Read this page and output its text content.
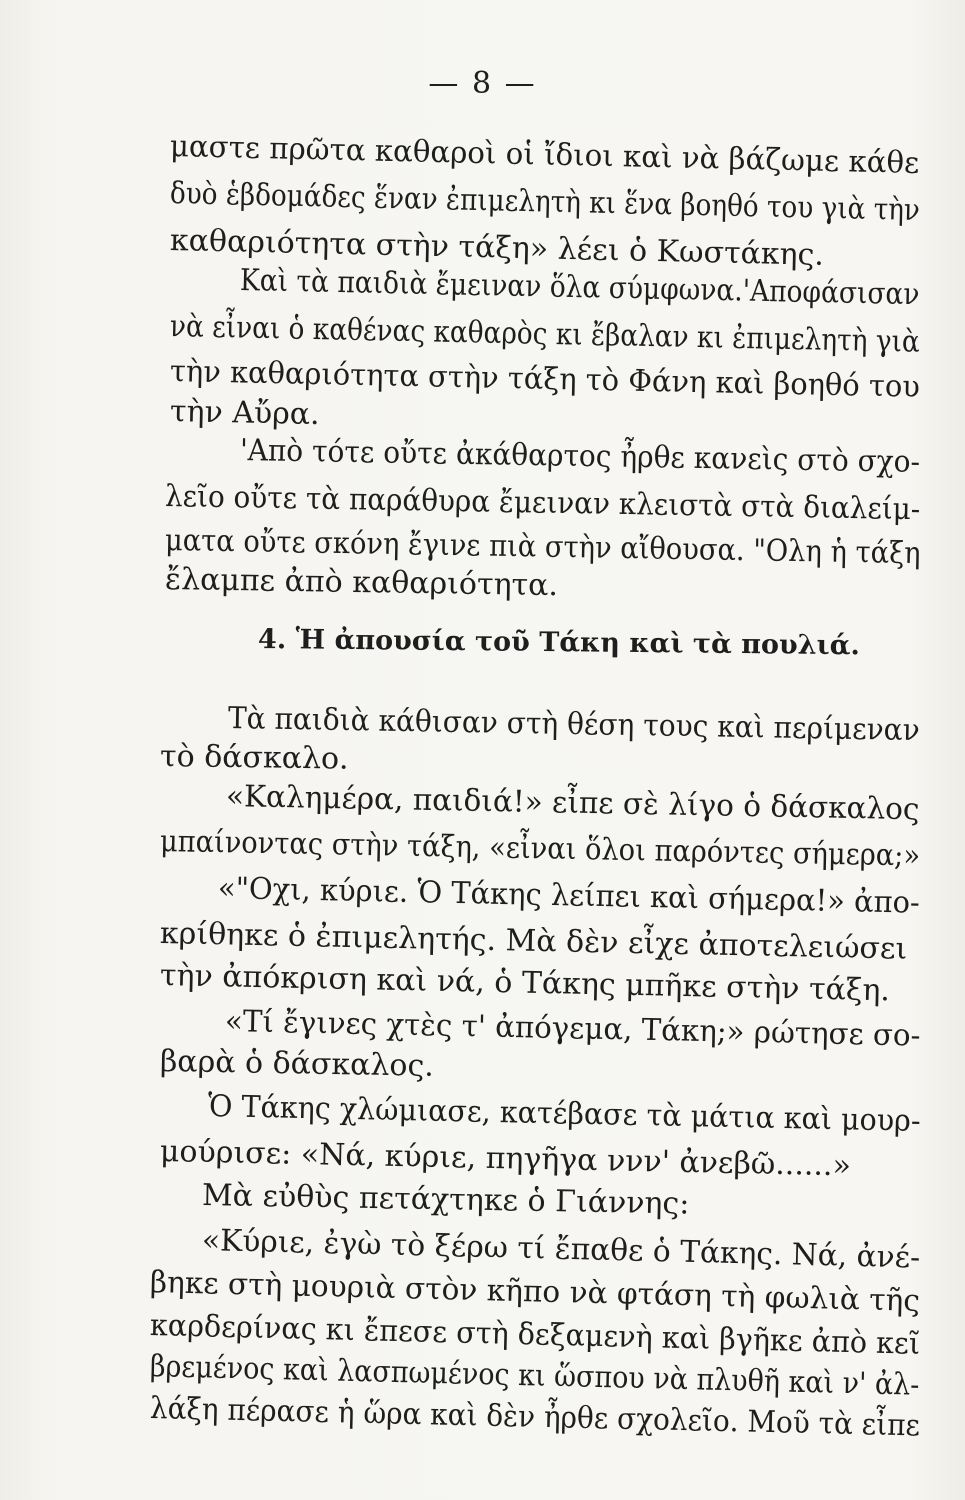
— 8 —
μαστε πρῶτα καθαροὶ οἱ ἴδιοι καὶ νὰ βάζωμε κάθε
δυὸ ἑβδομάδες ἕναν ἐπιμελητὴ κι ἕνα βοηθό του γιὰ τὴν
καθαριότητα στὴν τάξη» λέει ὁ Κωστάκης.
Καὶ τὰ παιδιὰ ἔμειναν ὅλα σύμφωνα.'Αποφάσισαν
νὰ εἶναι ὁ καθένας καθαρὸς κι ἔβαλαν κι ἐπιμελητὴ γιὰ
τὴν καθαριότητα στὴν τάξη τὸ Φάνη καὶ βοηθό του
τὴν Αὔρα.
'Απὸ τότε οὔτε ἀκάθαρτος ἦρθε κανεὶς στὸ σχο-
λεῖο οὔτε τὰ παράθυρα ἔμειναν κλειστὰ στὰ διαλείμ-
ματα οὔτε σκόνη ἔγινε πιὰ στὴν αἴθουσα. "Ολη ἡ τάξη
ἔλαμπε ἀπὸ καθαριότητα.
4. Ἡ ἀπουσία τοῦ Τάκη καὶ τὰ πουλιά.
Τὰ παιδιὰ κάθισαν στὴ θέση τους καὶ περίμεναν
τὸ δάσκαλο.
«Καλημέρα, παιδιά!» εἶπε σὲ λίγο ὁ δάσκαλος
μπαίνοντας στὴν τάξη, «εἶναι ὅλοι παρόντες σήμερα;»
«"Οχι, κύριε. Ὁ Τάκης λείπει καὶ σήμερα!» ἀπο-
κρίθηκε ὁ ἐπιμελητής. Μὰ δὲν εἶχε ἀποτελειώσει
τὴν ἀπόκριση καὶ νά, ὁ Τάκης μπῆκε στὴν τάξη.
«Τί ἔγινες χτὲς τ' ἀπόγεμα, Τάκη;» ρώτησε σο-
βαρὰ ὁ δάσκαλος.
Ὁ Τάκης χλώμιασε, κατέβασε τὰ μάτια καὶ μουρ-
μούρισε: «Νά, κύριε, πηγῆγα ννν' ἀνεβῶ......»
Μὰ εὐθὺς πετάχτηκε ὁ Γιάννης:
«Κύριε, ἐγὼ τὸ ξέρω τί ἔπαθε ὁ Τάκης. Νά, ἀνέ-
βηκε στὴ μουριὰ στὸν κῆπο νὰ φτάση τὴ φωλιὰ τῆς
καρδερίνας κι ἔπεσε στὴ δεξαμενὴ καὶ βγῆκε ἀπὸ κεῖ
βρεμένος καὶ λασπωμένος κι ὥσπου νὰ πλυθῆ καὶ ν' ἀλ-
λάξη πέρασε ἡ ὥρα καὶ δὲν ἦρθε σχολεῖο. Μοῦ τὰ εἶπε
